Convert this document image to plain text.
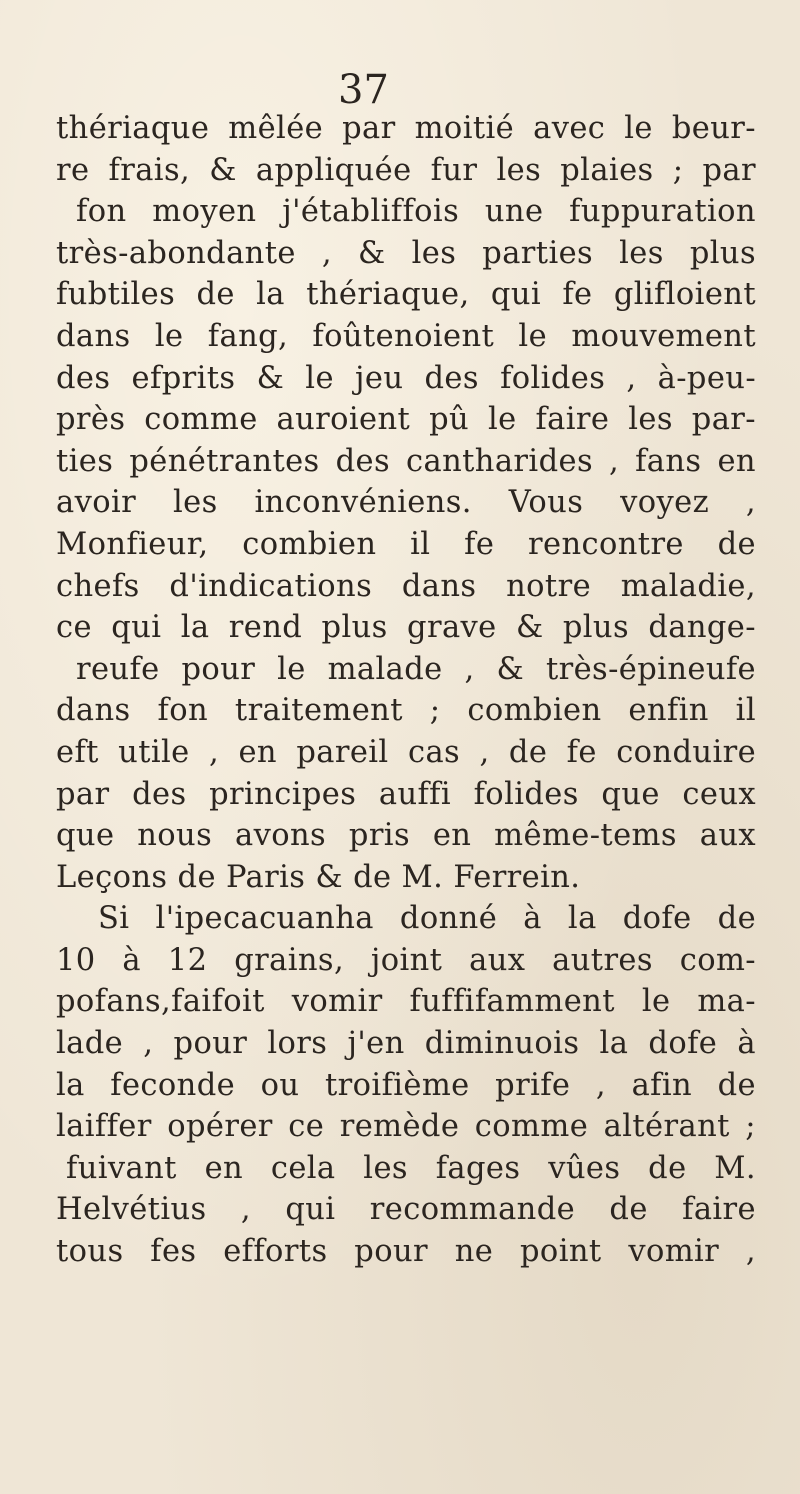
37
thériaque mêlée par moitié avec le beur-
re frais, & appliquée fur les plaies ; par
fon moyen j'établiffois une fuppuration
très-abondante , & les parties les plus
fubtiles de la thériaque, qui fe glifloient
dans le fang, foûtenoient le mouvement
des efprits & le jeu des folides , à-peu-
près comme auroient pû le faire les par-
ties pénétrantes des cantharides , fans en
avoir les inconvéniens. Vous voyez ,
Monfieur, combien il fe rencontre de
chefs d'indications dans notre maladie,
ce qui la rend plus grave & plus dange-
reufe pour le malade , & très-épineufe
dans fon traitement ; combien enfin il
eft utile , en pareil cas , de fe conduire
par des principes auffi folides que ceux
que nous avons pris en même-tems aux
Leçons de Paris & de M. Ferrein.
Si l'ipecacuanha donné à la dofe de
10 à 12 grains, joint aux autres com-
pofans,faifoit vomir fuffifamment le ma-
lade , pour lors j'en diminuois la dofe à
la feconde ou troifième prife , afin de
laiffer opérer ce remède comme altérant ;
fuivant en cela les fages vûes de M.
Helvétius , qui recommande de faire
tous fes efforts pour ne point vomir ,
